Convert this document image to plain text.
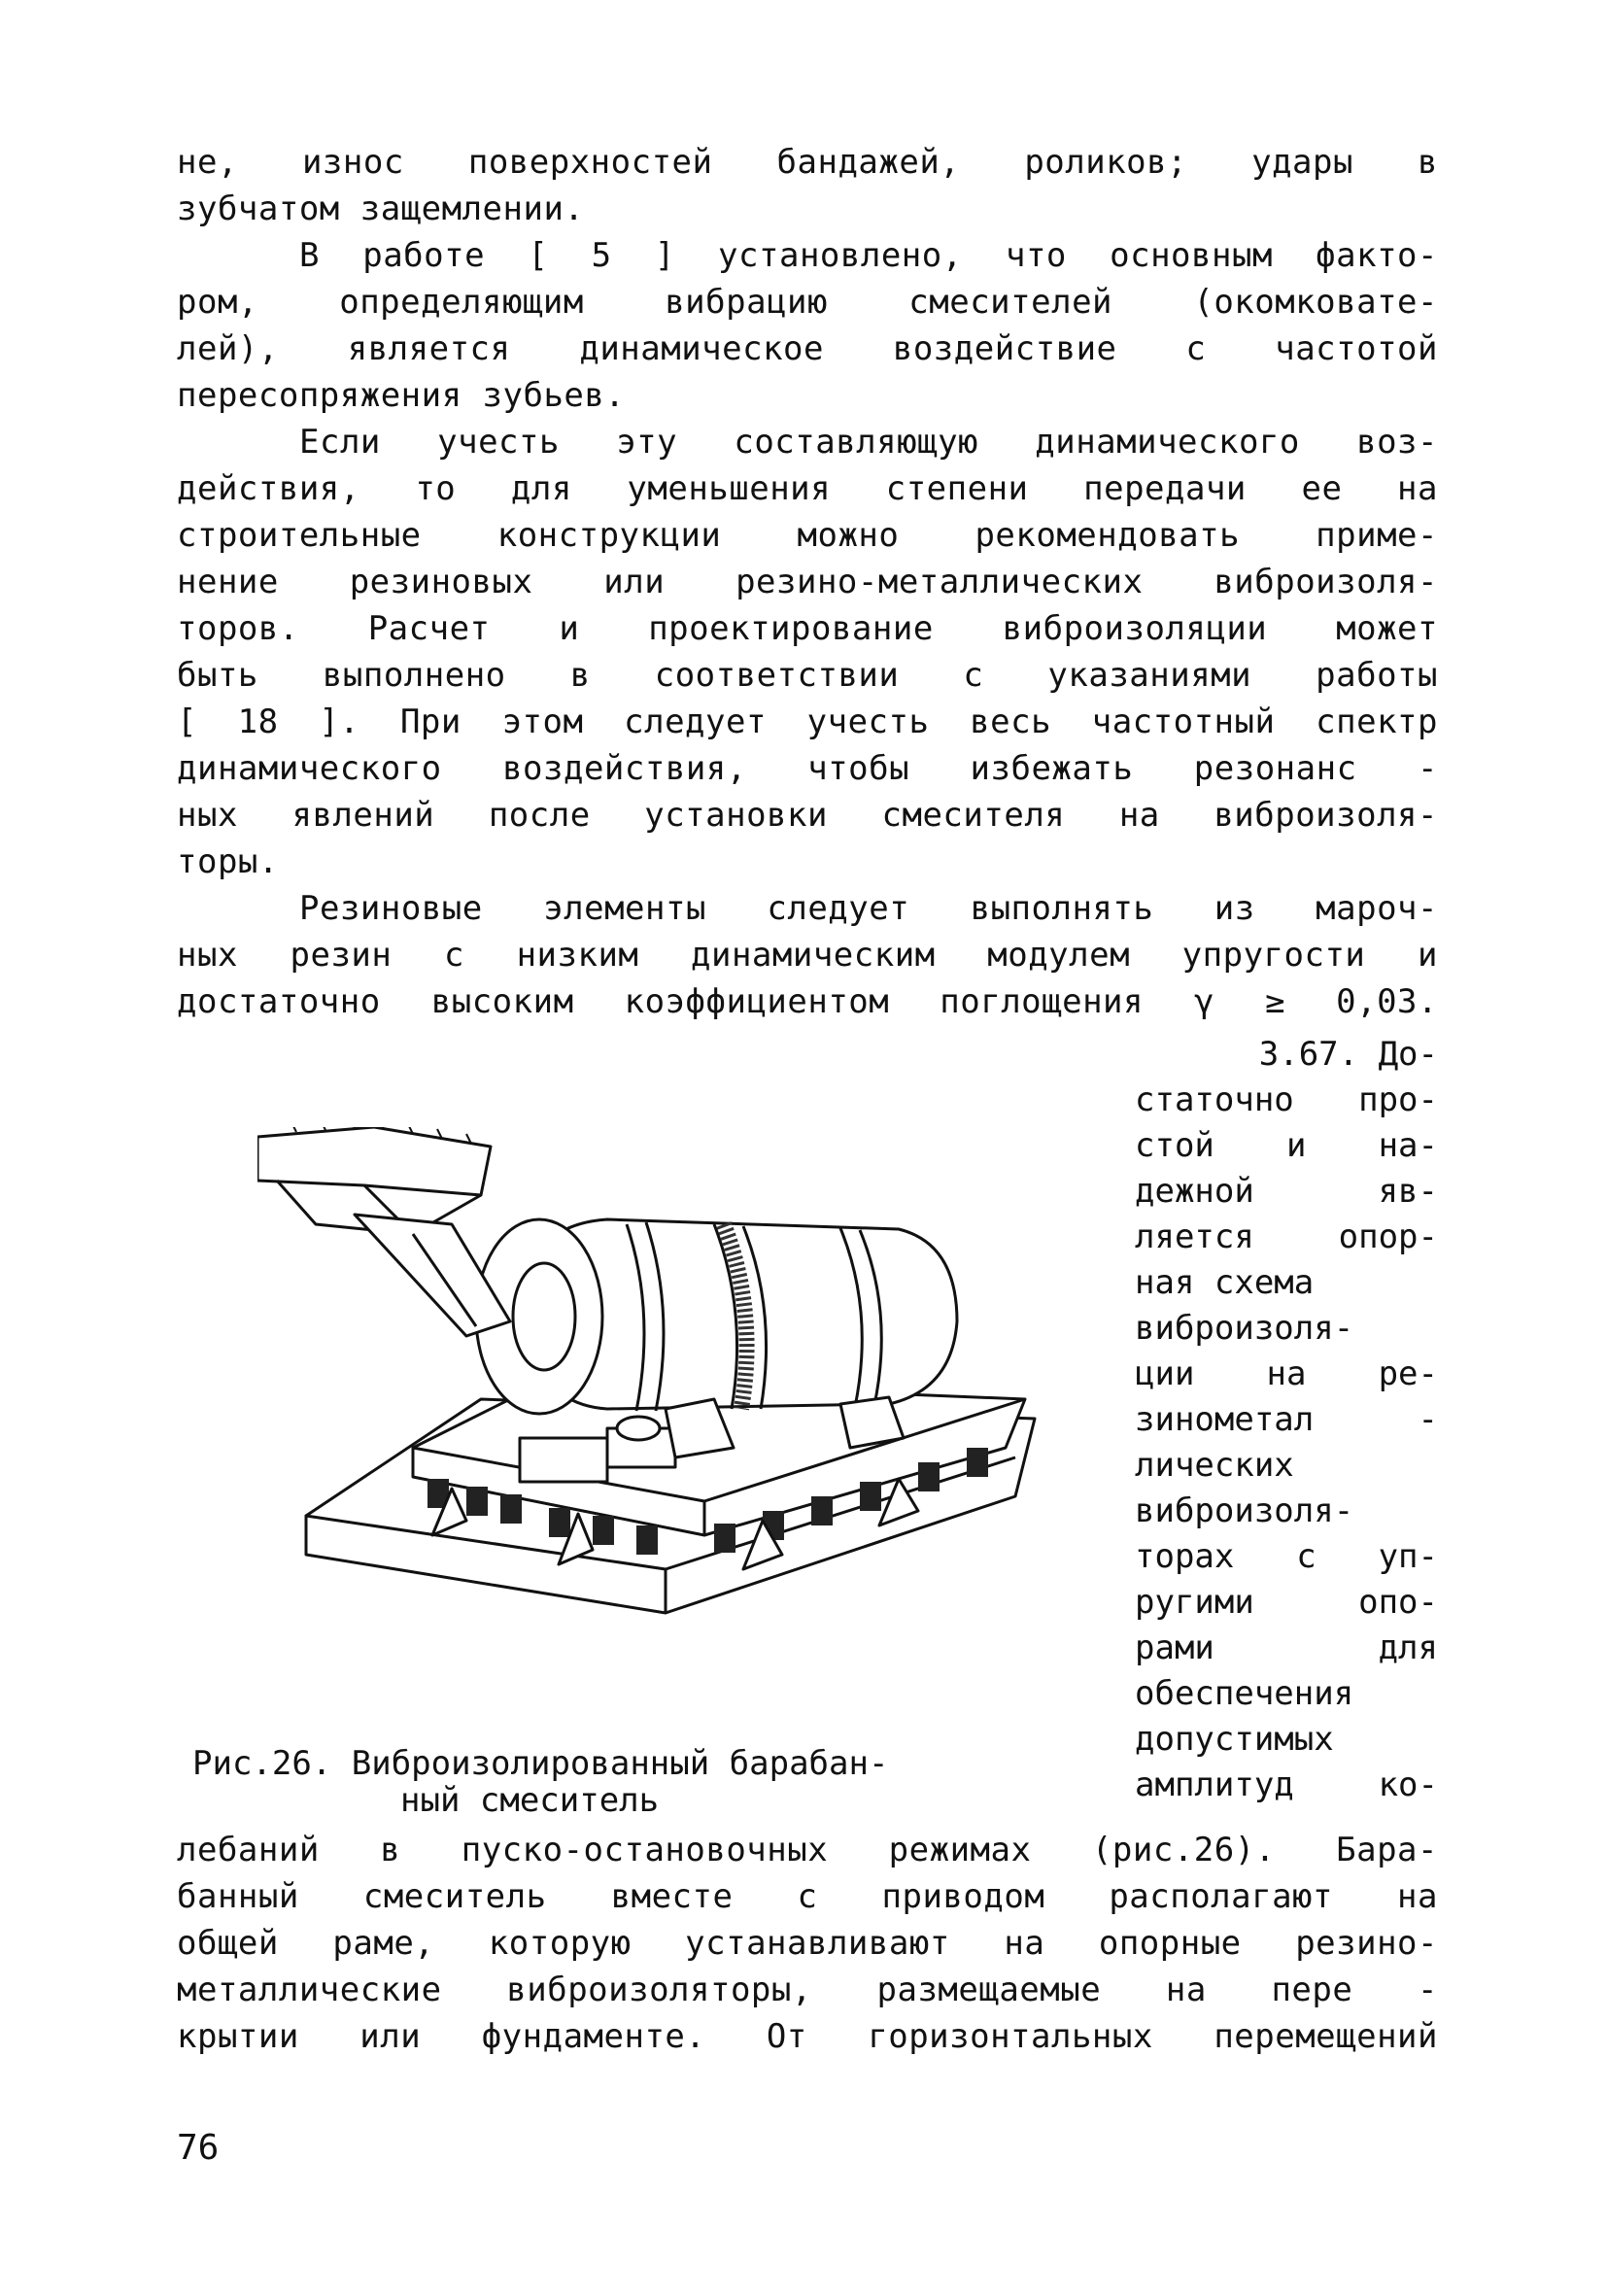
не, износ поверхностей бандажей, роликов; удары в
зубчатом защемлении.
В работе [ 5 ] установлено, что основным факто-
ром, определяющим вибрацию смесителей (окомковате-
лей), является динамическое воздействие с частотой
пересопряжения зубьев.
Если учесть эту составляющую динамического воз-
действия, то для уменьшения степени передачи ее на
строительные конструкции можно рекомендовать приме-
нение резиновых или резино-металлических виброизоля-
торов. Расчет и проектирование виброизоляции может
быть выполнено в соответствии с указаниями работы
[ 18 ]. При этом следует учесть весь частотный спектр
динамического воздействия, чтобы избежать резонанс -
ных явлений после установки смесителя на виброизоля-
торы.
Резиновые элементы следует выполнять из мароч-
ных резин с низким динамическим модулем упругости и
достаточно высоким коэффициентом поглощения γ ≥ 0,03.
3.67. До-
статочно про-
стой и на-
дежной яв-
ляется опор-
ная схема
виброизоля-
ции на ре-
зинометал -
лических
виброизоля-
торах с уп-
ругими опо-
рами для
обеспечения
допустимых
амплитуд ко-
Рис.26. Виброизолированный барабан-
ный смеситель
лебаний в пуско-остановочных режимах (рис.26). Бара-
банный смеситель вместе с приводом располагают на
общей раме, которую устанавливают на опорные резино-
металлические виброизоляторы, размещаемые на пере -
крытии или фундаменте. От горизонтальных перемещений
76
